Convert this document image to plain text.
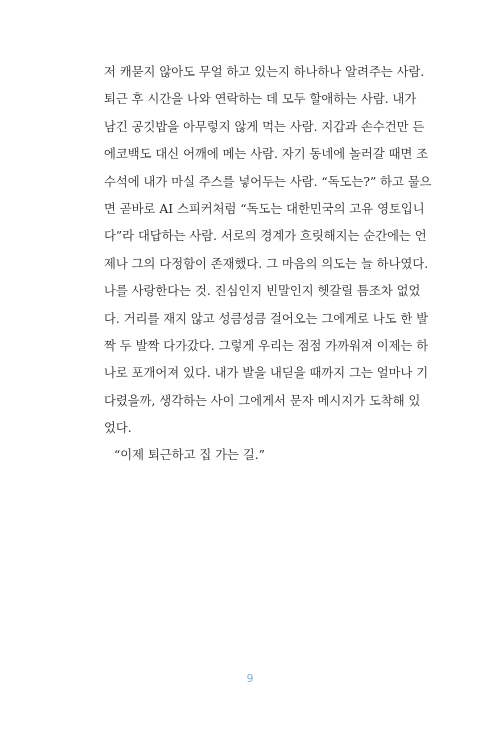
저 캐묻지 않아도 무얼 하고 있는지 하나하나 알려주는 사람.
퇴근 후 시간을 나와 연락하는 데 모두 할애하는 사람. 내가
남긴 공깃밥을 아무렇지 않게 먹는 사람. 지갑과 손수건만 든
에코백도 대신 어깨에 메는 사람. 자기 동네에 놀러갈 때면 조
수석에 내가 마실 주스를 넣어두는 사람. “독도는?” 하고 물으
면 곧바로 AI 스피커처럼 “독도는 대한민국의 고유 영토입니
다”라 대답하는 사람. 서로의 경계가 흐릿해지는 순간에는 언
제나 그의 다정함이 존재했다. 그 마음의 의도는 늘 하나였다.
나를 사랑한다는 것. 진심인지 빈말인지 헷갈릴 틈조차 없었
다. 거리를 재지 않고 성큼성큼 걸어오는 그에게로 나도 한 발
짝 두 발짝 다가갔다. 그렇게 우리는 점점 가까워져 이제는 하
나로 포개어져 있다. 내가 발을 내딛을 때까지 그는 얼마나 기
다렸을까, 생각하는 사이 그에게서 문자 메시지가 도착해 있
었다.
“이제 퇴근하고 집 가는 길.”
9
